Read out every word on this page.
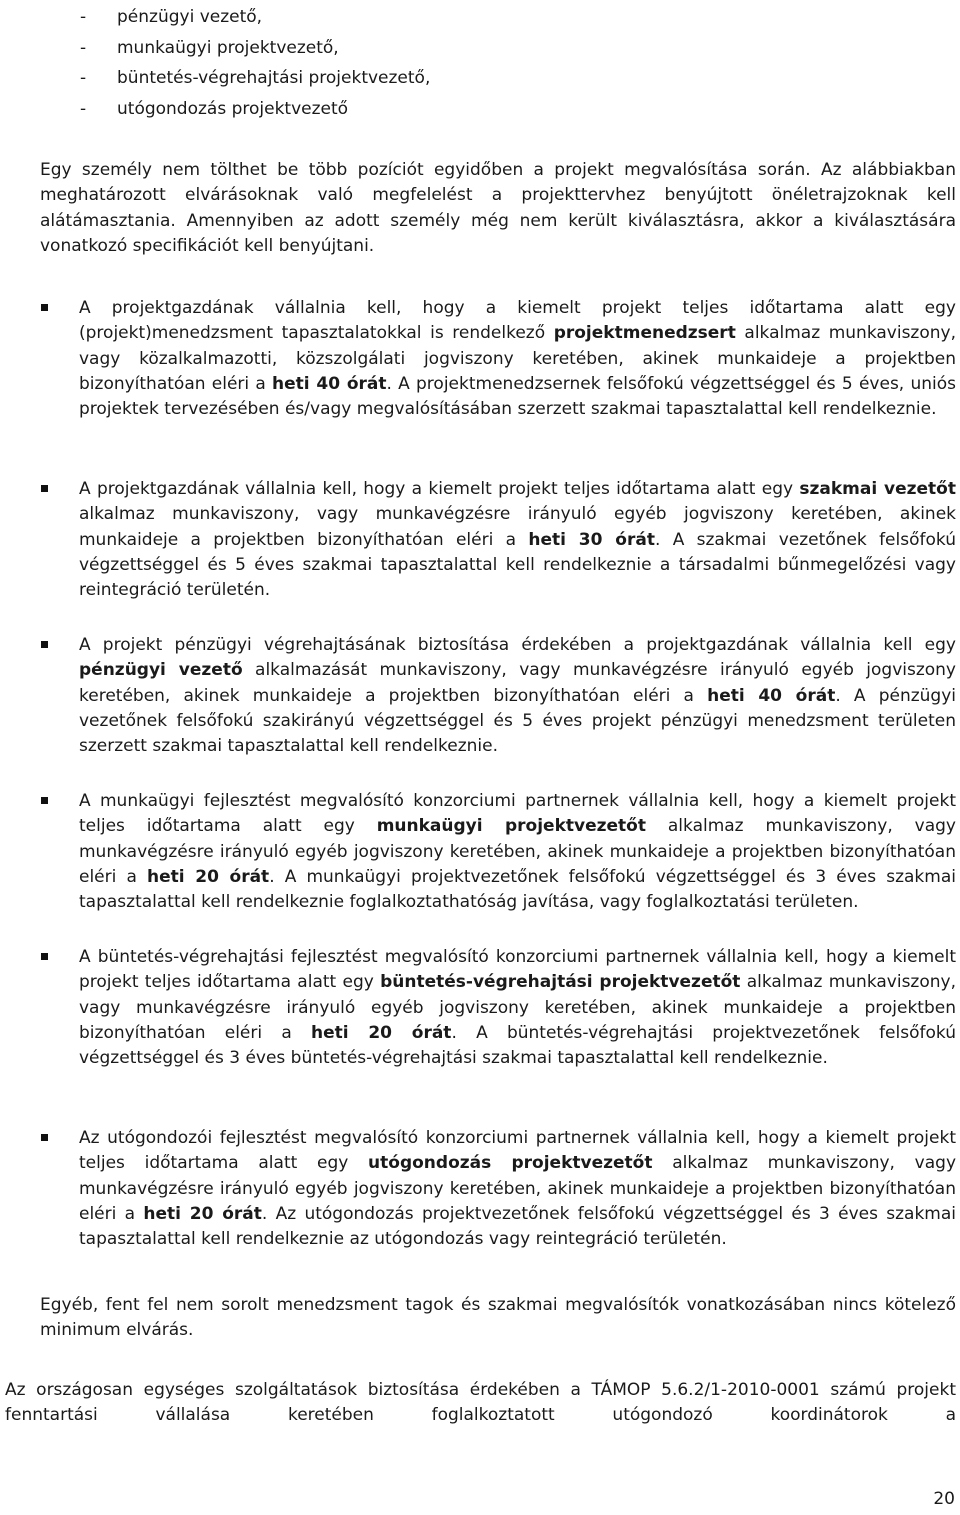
- pénzügyi vezető,
- munkaügyi projektvezető,
- büntetés-végrehajtási projektvezető,
- utógondozás projektvezető

Egy személy nem tölthet be több pozíciót egyidőben a projekt megvalósítása során. Az alábbiakban meghatározott elvárásoknak való megfelelést a projekttervhez benyújtott önéletrajzoknak kell alátámasztania. Amennyiben az adott személy még nem került kiválasztásra, akkor a kiválasztására vonatkozó specifikációt kell benyújtani.

A projektgazdának vállalnia kell, hogy a kiemelt projekt teljes időtartama alatt egy (projekt)menedzsment tapasztalatokkal is rendelkező projektmenedzsert alkalmaz munkaviszony, vagy közalkalmazotti, közszolgálati jogviszony keretében, akinek munkaideje a projektben bizonyíthatóan eléri a heti 40 órát. A projektmenedzsernek felsőfokú végzettséggel és 5 éves, uniós projektek tervezésében és/vagy megvalósításában szerzett szakmai tapasztalattal kell rendelkeznie.
A projektgazdának vállalnia kell, hogy a kiemelt projekt teljes időtartama alatt egy szakmai vezetőt alkalmaz munkaviszony, vagy munkavégzésre irányuló egyéb jogviszony keretében, akinek munkaideje a projektben bizonyíthatóan eléri a heti 30 órát. A szakmai vezetőnek felsőfokú végzettséggel és 5 éves szakmai tapasztalattal kell rendelkeznie a társadalmi bűnmegelőzési vagy reintegráció területén.
A projekt pénzügyi végrehajtásának biztosítása érdekében a projektgazdának vállalnia kell egy pénzügyi vezető alkalmazását munkaviszony, vagy munkavégzésre irányuló egyéb jogviszony keretében, akinek munkaideje a projektben bizonyíthatóan eléri a heti 40 órát. A pénzügyi vezetőnek felsőfokú szakirányú végzettséggel és 5 éves projekt pénzügyi menedzsment területen szerzett szakmai tapasztalattal kell rendelkeznie.
A munkaügyi fejlesztést megvalósító konzorciumi partnernek vállalnia kell, hogy a kiemelt projekt teljes időtartama alatt egy munkaügyi projektvezetőt alkalmaz munkaviszony, vagy munkavégzésre irányuló egyéb jogviszony keretében, akinek munkaideje a projektben bizonyíthatóan eléri a heti 20 órát. A munkaügyi projektvezetőnek felsőfokú végzettséggel és 3 éves szakmai tapasztalattal kell rendelkeznie foglalkoztathatóság javítása, vagy foglalkoztatási területen.
A büntetés-végrehajtási fejlesztést megvalósító konzorciumi partnernek vállalnia kell, hogy a kiemelt projekt teljes időtartama alatt egy büntetés-végrehajtási projektvezetőt alkalmaz munkaviszony, vagy munkavégzésre irányuló egyéb jogviszony keretében, akinek munkaideje a projektben bizonyíthatóan eléri a heti 20 órát. A büntetés-végrehajtási projektvezetőnek felsőfokú végzettséggel és 3 éves büntetés-végrehajtási szakmai tapasztalattal kell rendelkeznie.
Az utógondozói fejlesztést megvalósító konzorciumi partnernek vállalnia kell, hogy a kiemelt projekt teljes időtartama alatt egy utógondozás projektvezetőt alkalmaz munkaviszony, vagy munkavégzésre irányuló egyéb jogviszony keretében, akinek munkaideje a projektben bizonyíthatóan eléri a heti 20 órát. Az utógondozás projektvezetőnek felsőfokú végzettséggel és 3 éves szakmai tapasztalattal kell rendelkeznie az utógondozás vagy reintegráció területén.

Egyéb, fent fel nem sorolt menedzsment tagok és szakmai megvalósítók vonatkozásában nincs kötelező minimum elvárás.

Az országosan egységes szolgáltatások biztosítása érdekében a TÁMOP 5.6.2/1-2010-0001 számú projekt fenntartási vállalása keretében foglalkoztatott utógondozó koordinátorok a

20
